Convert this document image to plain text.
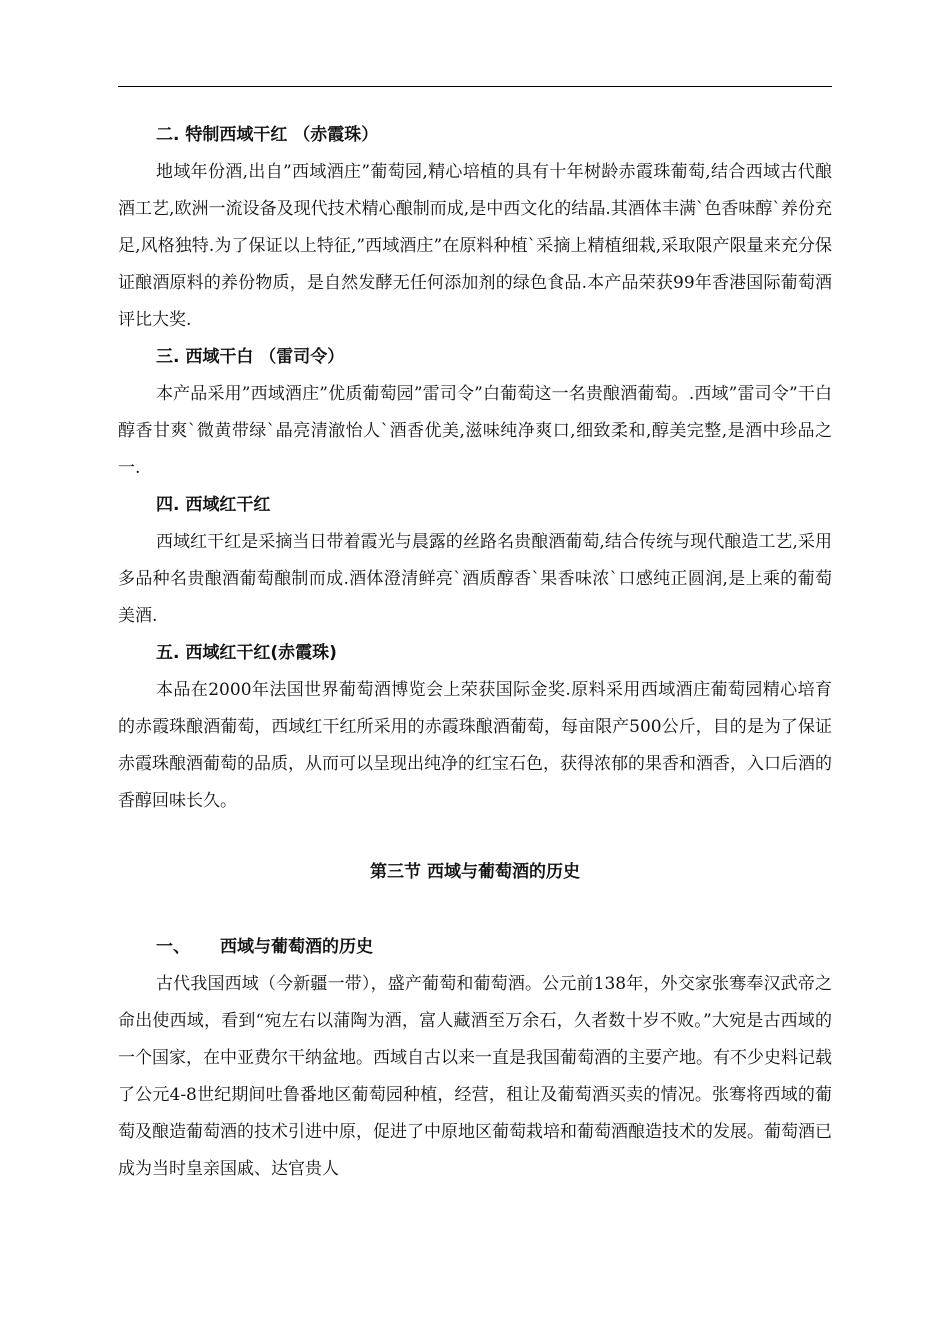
二. 特制西域干红 （赤霞珠）

地域年份酒,出自”西域酒庄”葡萄园,精心培植的具有十年树龄赤霞珠葡萄,结合西域古代酿酒工艺,欧洲一流设备及现代技术精心酿制而成,是中西文化的结晶.其酒体丰满`色香味醇`养份充足,风格独特.为了保证以上特征,”西域酒庄”在原料种植`采摘上精植细栽,采取限产限量来充分保证酿酒原料的养份物质，是自然发酵无任何添加剂的绿色食品.本产品荣获99年香港国际葡萄酒评比大奖.

三. 西域干白 （雷司令）

本产品采用”西域酒庄”优质葡萄园”雷司令”白葡萄这一名贵酿酒葡萄。.西域”雷司令”干白醇香甘爽`微黄带绿`晶亮清澈怡人`酒香优美,滋味纯净爽口,细致柔和,醇美完整,是酒中珍品之一.

四. 西域红干红

西域红干红是采摘当日带着霞光与晨露的丝路名贵酿酒葡萄,结合传统与现代酿造工艺,采用多品种名贵酿酒葡萄酿制而成.酒体澄清鲜亮`酒质醇香`果香味浓`口感纯正圆润,是上乘的葡萄美酒.

五. 西域红干红(赤霞珠)

本品在2000年法国世界葡萄酒博览会上荣获国际金奖.原料采用西域酒庄葡萄园精心培育的赤霞珠酿酒葡萄，西域红干红所采用的赤霞珠酿酒葡萄，每亩限产500公斤，目的是为了保证赤霞珠酿酒葡萄的品质，从而可以呈现出纯净的红宝石色，获得浓郁的果香和酒香，入口后酒的香醇回味长久。

第三节 西域与葡萄酒的历史
一、 西域与葡萄酒的历史

古代我国西域（今新疆一带），盛产葡萄和葡萄酒。公元前138年，外交家张骞奉汉武帝之命出使西域，看到“宛左右以蒲陶为酒，富人藏酒至万余石，久者数十岁不败。”大宛是古西域的一个国家，在中亚费尔干纳盆地。西域自古以来一直是我国葡萄酒的主要产地。有不少史料记载了公元4-8世纪期间吐鲁番地区葡萄园种植，经营，租让及葡萄酒买卖的情况。张骞将西域的葡萄及酿造葡萄酒的技术引进中原，促进了中原地区葡萄栽培和葡萄酒酿造技术的发展。葡萄酒已成为当时皇亲国戚、达官贵人
